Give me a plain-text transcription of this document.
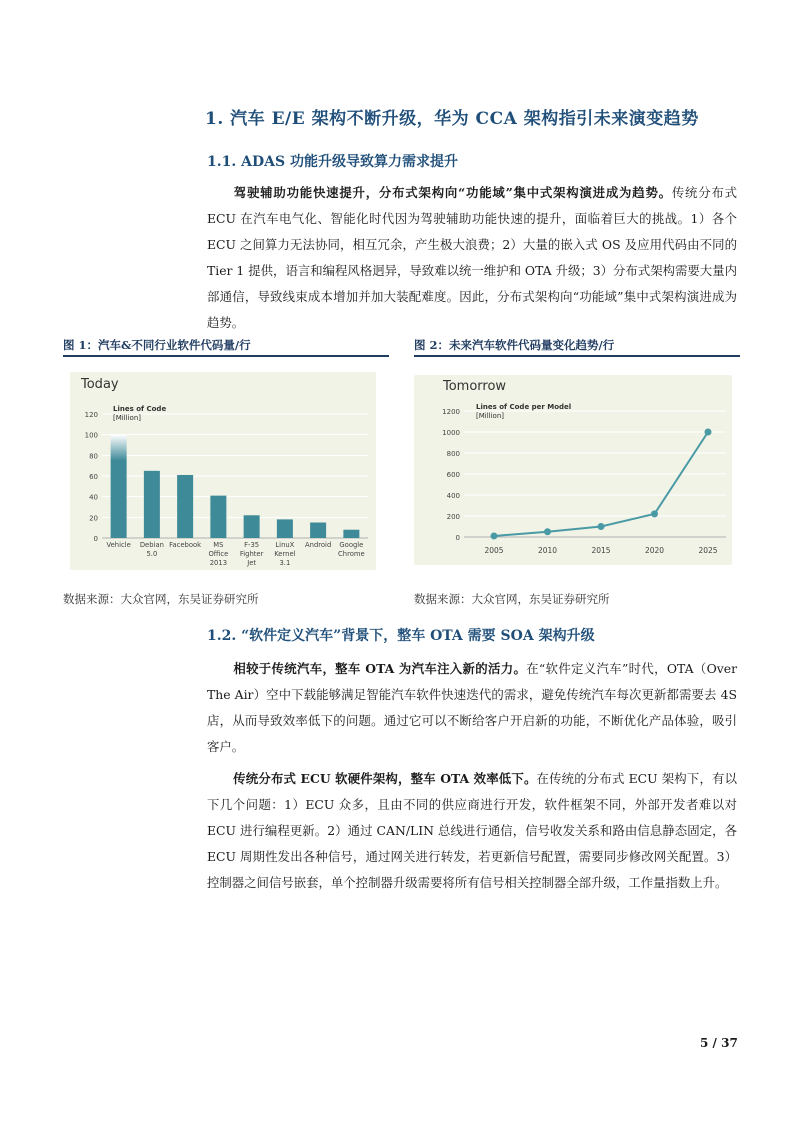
1. 汽车 E/E 架构不断升级，华为 CCA 架构指引未来演变趋势
1.1. ADAS 功能升级导致算力需求提升
驾驶辅助功能快速提升，分布式架构向“功能域”集中式架构演进成为趋势。传统分布式 ECU 在汽车电气化、智能化时代因为驾驶辅助功能快速的提升，面临着巨大的挑战。1）各个 ECU 之间算力无法协同，相互冗余，产生极大浪费；2）大量的嵌入式 OS 及应用代码由不同的 Tier 1 提供，语言和编程风格迥异，导致难以统一维护和 OTA 升级；3）分布式架构需要大量内部通信，导致线束成本增加并加大装配难度。因此，分布式架构向“功能域”集中式架构演进成为趋势。
图 1：汽车&不同行业软件代码量/行	图 2：未来汽车软件代码量变化趋势/行
Today
Lines of Code
[Million]
0
20
40
60
80
100
120
Vehicle Debian
5.0
Facebook MS
Office
2013
F-35
Fighter
Jet
LinuX
Kernel
3.1
Android Google
Chrome
Tomorrow
Lines of Code per Model
[Million]
0
200
400
600
800
1000
1200
2005	2010	2015	2020	2025
数据来源：大众官网，东吴证券研究所	数据来源：大众官网，东吴证券研究所
1.2. “软件定义汽车”背景下，整车 OTA 需要 SOA 架构升级
相较于传统汽车，整车 OTA 为汽车注入新的活力。在“软件定义汽车”时代，OTA（Over The Air）空中下载能够满足智能汽车软件快速迭代的需求，避免传统汽车每次更新都需要去 4S 店，从而导致效率低下的问题。通过它可以不断给客户开启新的功能，不断优化产品体验，吸引客户。
传统分布式 ECU 软硬件架构，整车 OTA 效率低下。在传统的分布式 ECU 架构下，有以下几个问题：1）ECU 众多，且由不同的供应商进行开发，软件框架不同，外部开发者难以对 ECU 进行编程更新。2）通过 CAN/LIN 总线进行通信，信号收发关系和路由信息静态固定，各 ECU 周期性发出各种信号，通过网关进行转发，若更新信号配置，需要同步修改网关配置。3）控制器之间信号嵌套，单个控制器升级需要将所有信号相关控制器全部升级，工作量指数上升。
5 / 37
